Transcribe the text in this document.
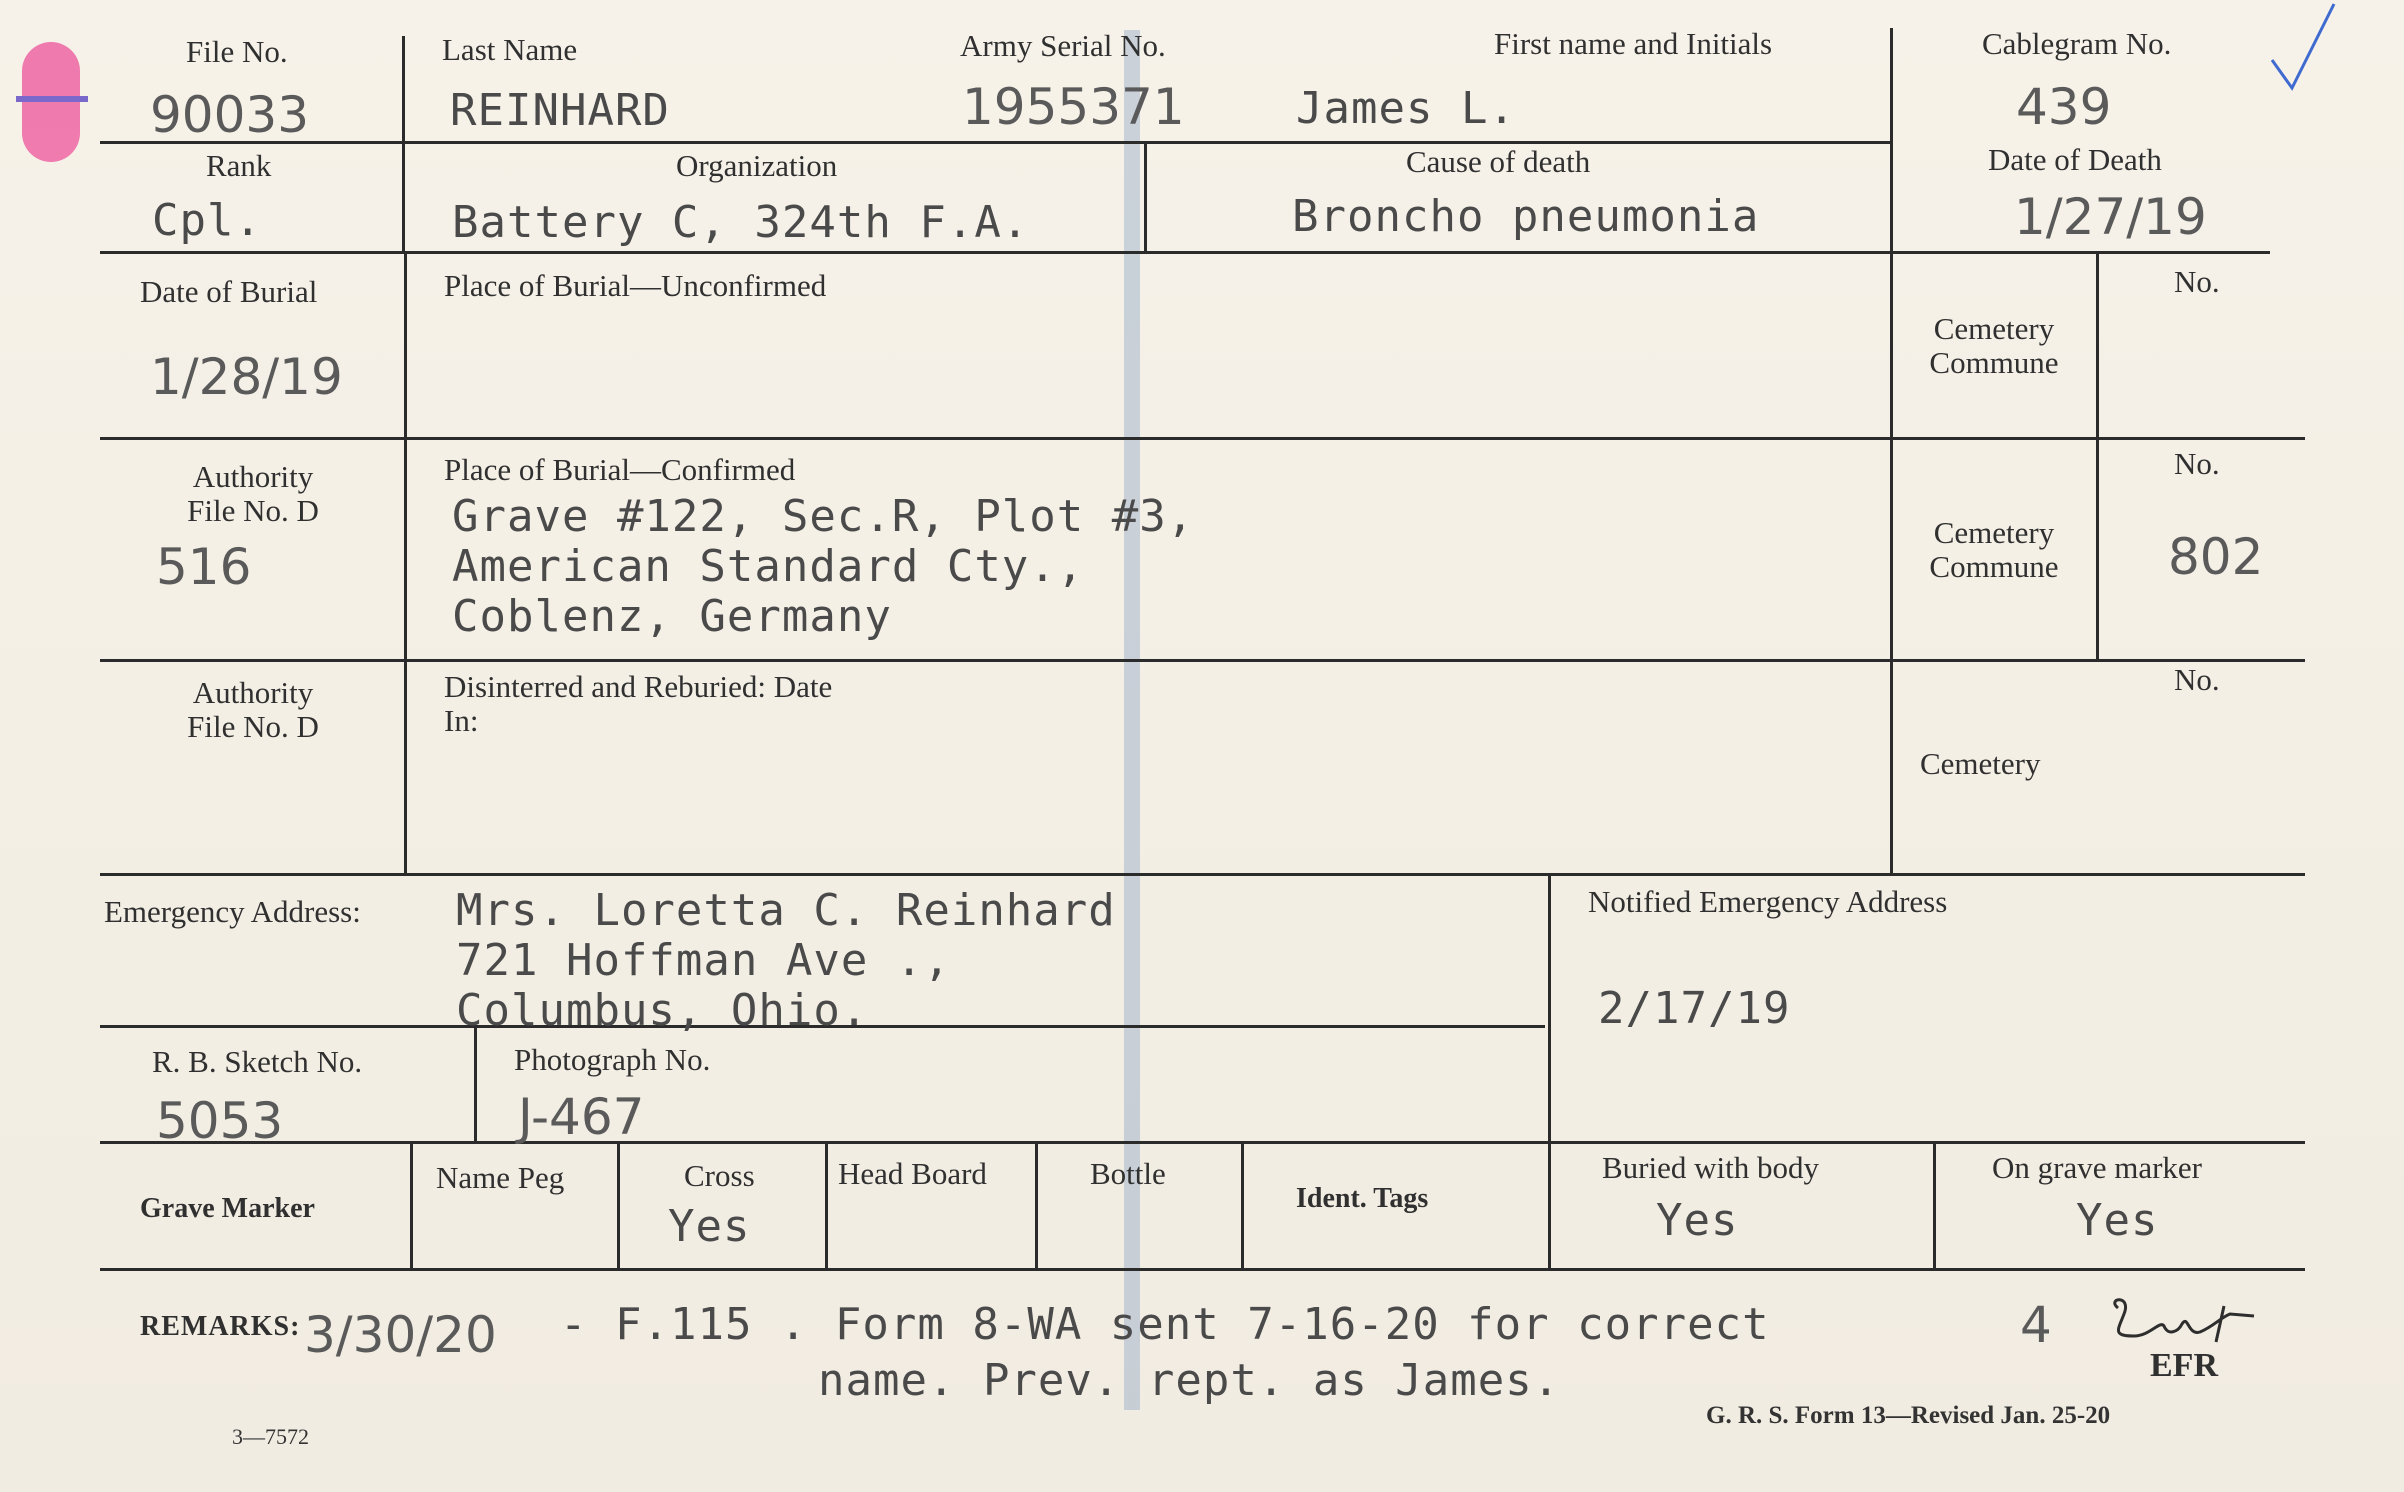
File No.
90033
Last Name
REINHARD
Army Serial No.
1955371
First name and Initials
James L.
Cablegram No.
439
Rank
Cpl.
Organization
Battery C, 324th F.A.
Cause of death
Broncho pneumonia
Date of Death
1/27/19
Date of Burial
1/28/19
Place of Burial—Unconfirmed
Cemetery
Commune
No.
Authority
File No. D
516
Place of Burial—Confirmed
Grave #122, Sec.R, Plot #3,
American Standard Cty.,
Coblenz, Germany
Cemetery
Commune
No.
802
Authority
File No. D
Disinterred and Reburied: Date
In:
Cemetery
No.
Emergency Address: Mrs. Loretta C. Reinhard
721 Hoffman Ave .,
Columbus, Ohio.
Notified Emergency Address
2/17/19
R. B. Sketch No.
5053
Photograph No.
J-467
Grave Marker
Name Peg	Cross
Yes
Head Board	Bottle
Ident. Tags
Buried with body
Yes
On grave marker
Yes
REMARKS: 3/30/20 - F.115 . Form 8-WA sent 7-16-20 for correct
name. Prev. rept. as James.
4
EFR
3—7572
G. R. S. Form 13—Revised Jan. 25-20
